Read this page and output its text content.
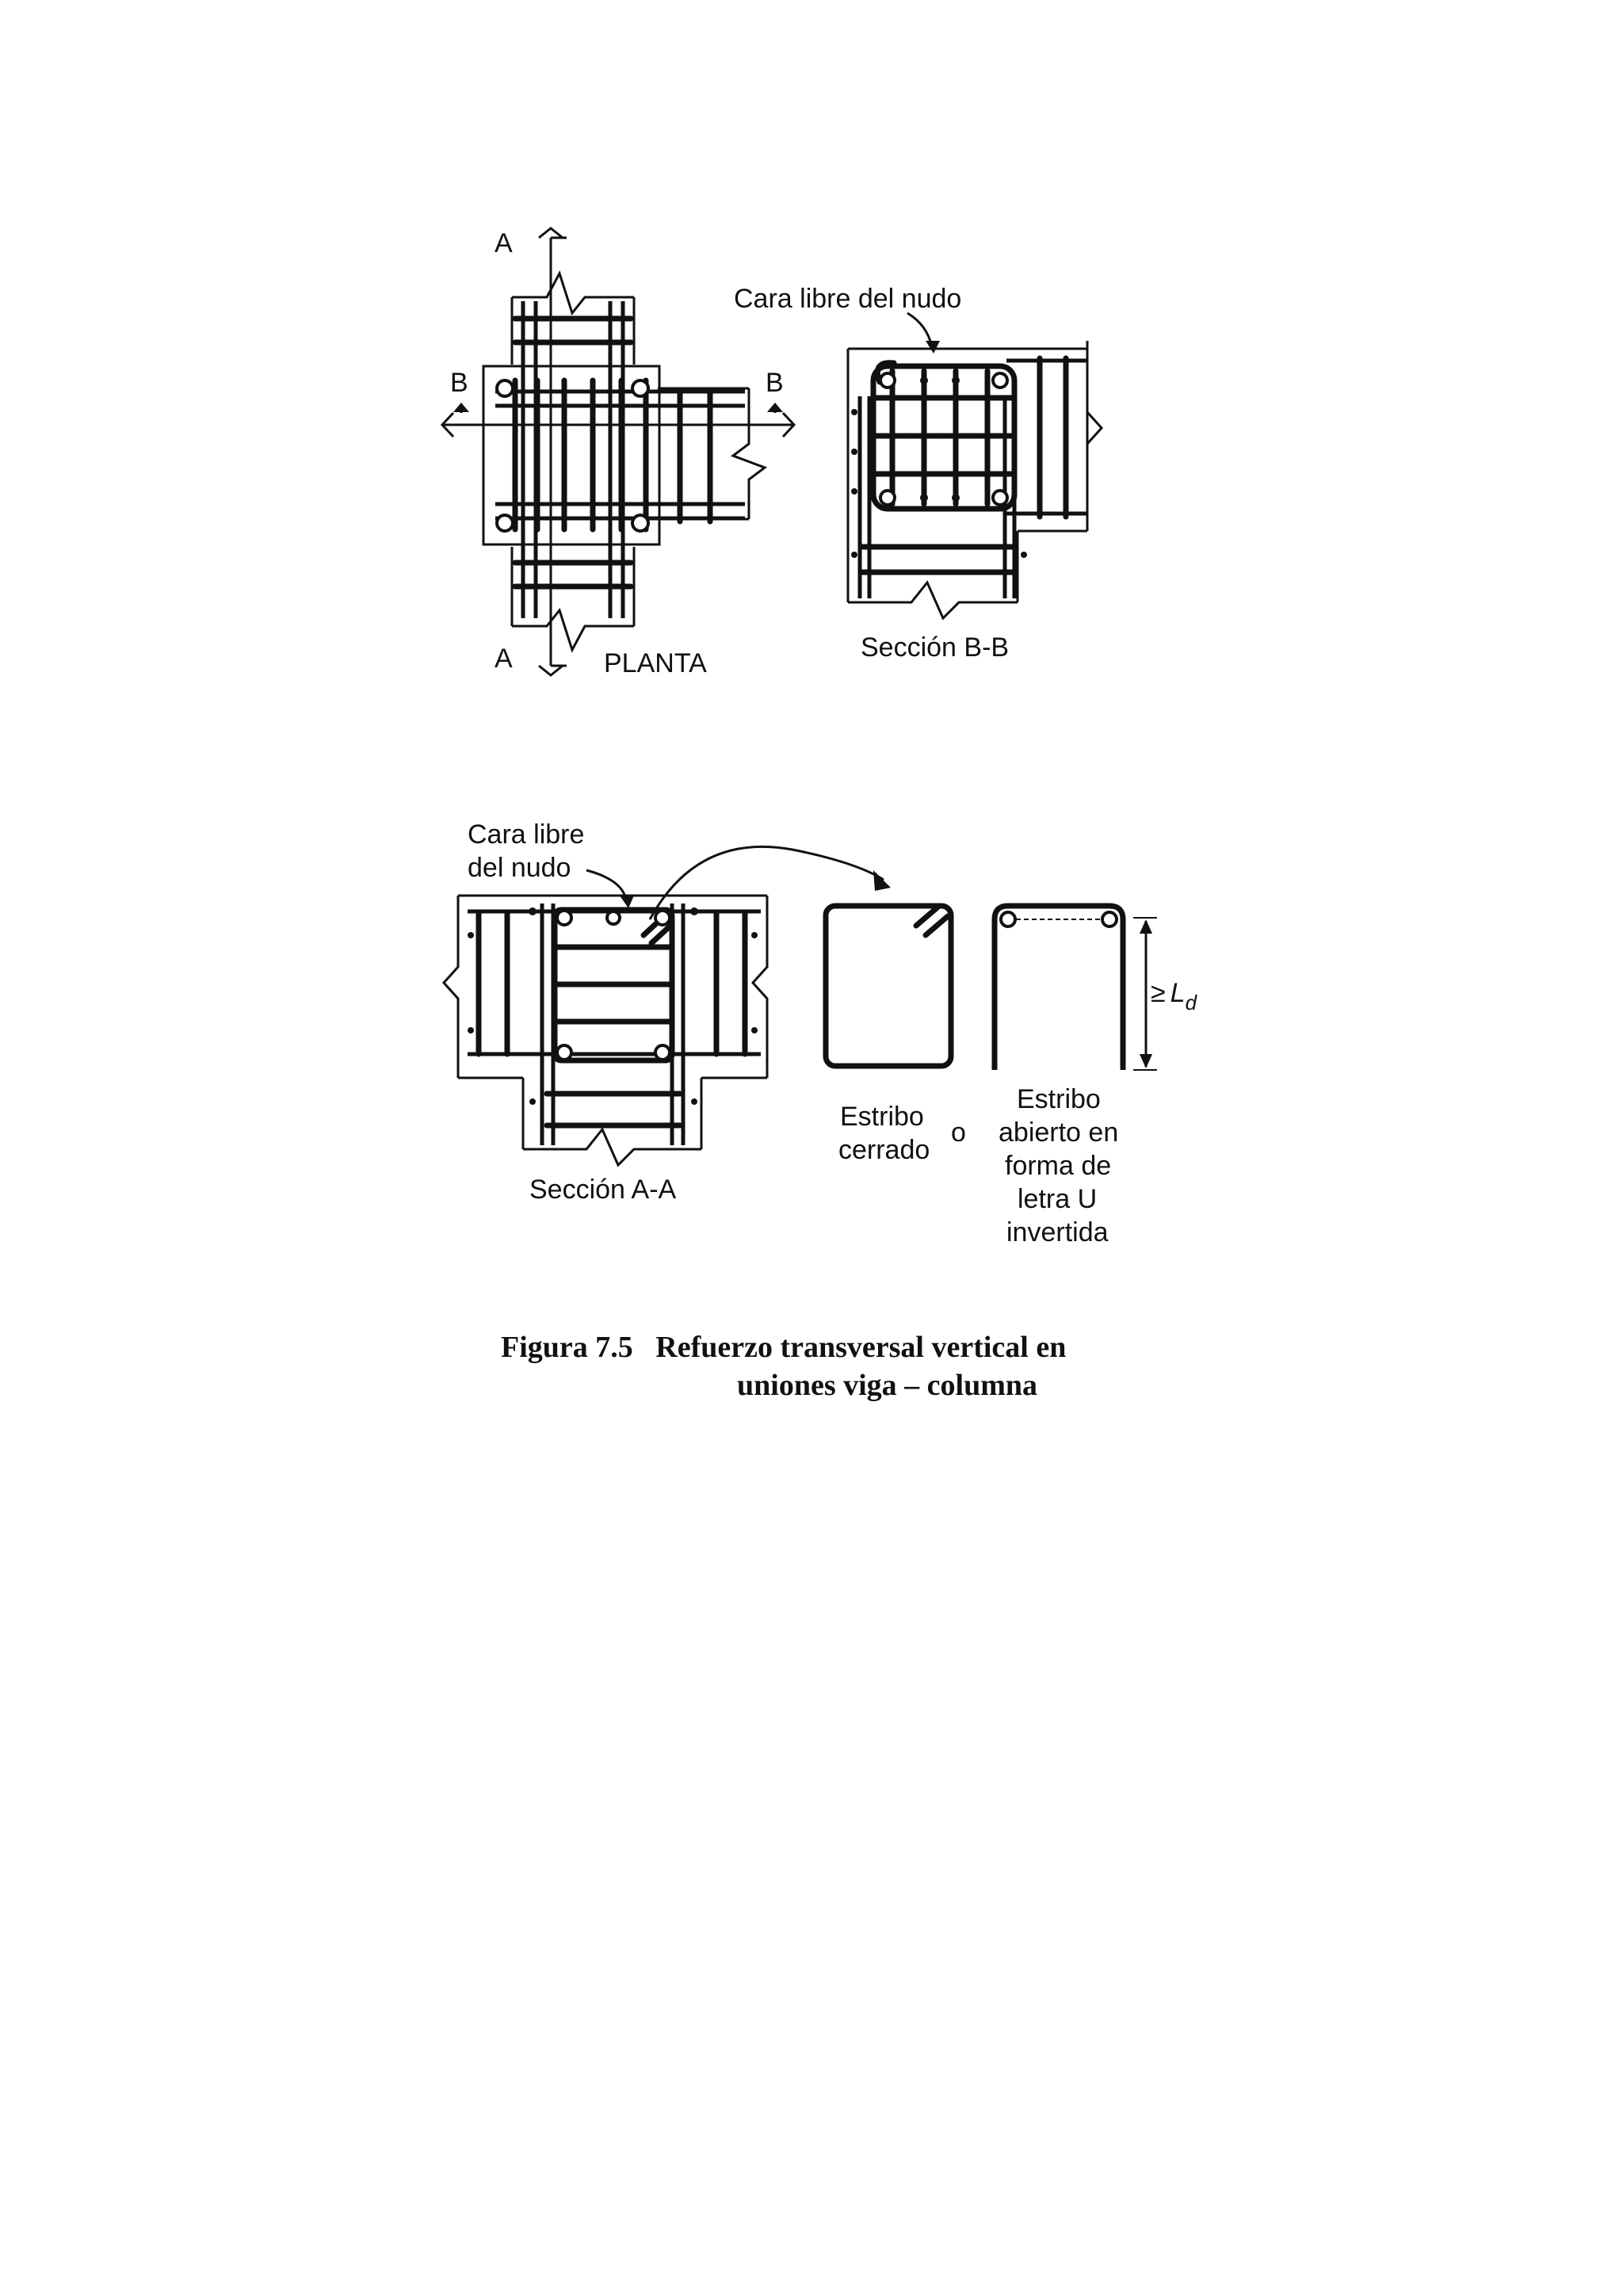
A
A
B	B
PLANTA
Cara libre del nudo
Sección B-B
Cara libre
del nudo
Sección A-A
Estribo
cerrado
o
≥ $L_d$
Estribo
abierto en
forma de
letra U
invertida
Figura 7.5   Refuerzo transversal vertical en
uniones viga – columna
